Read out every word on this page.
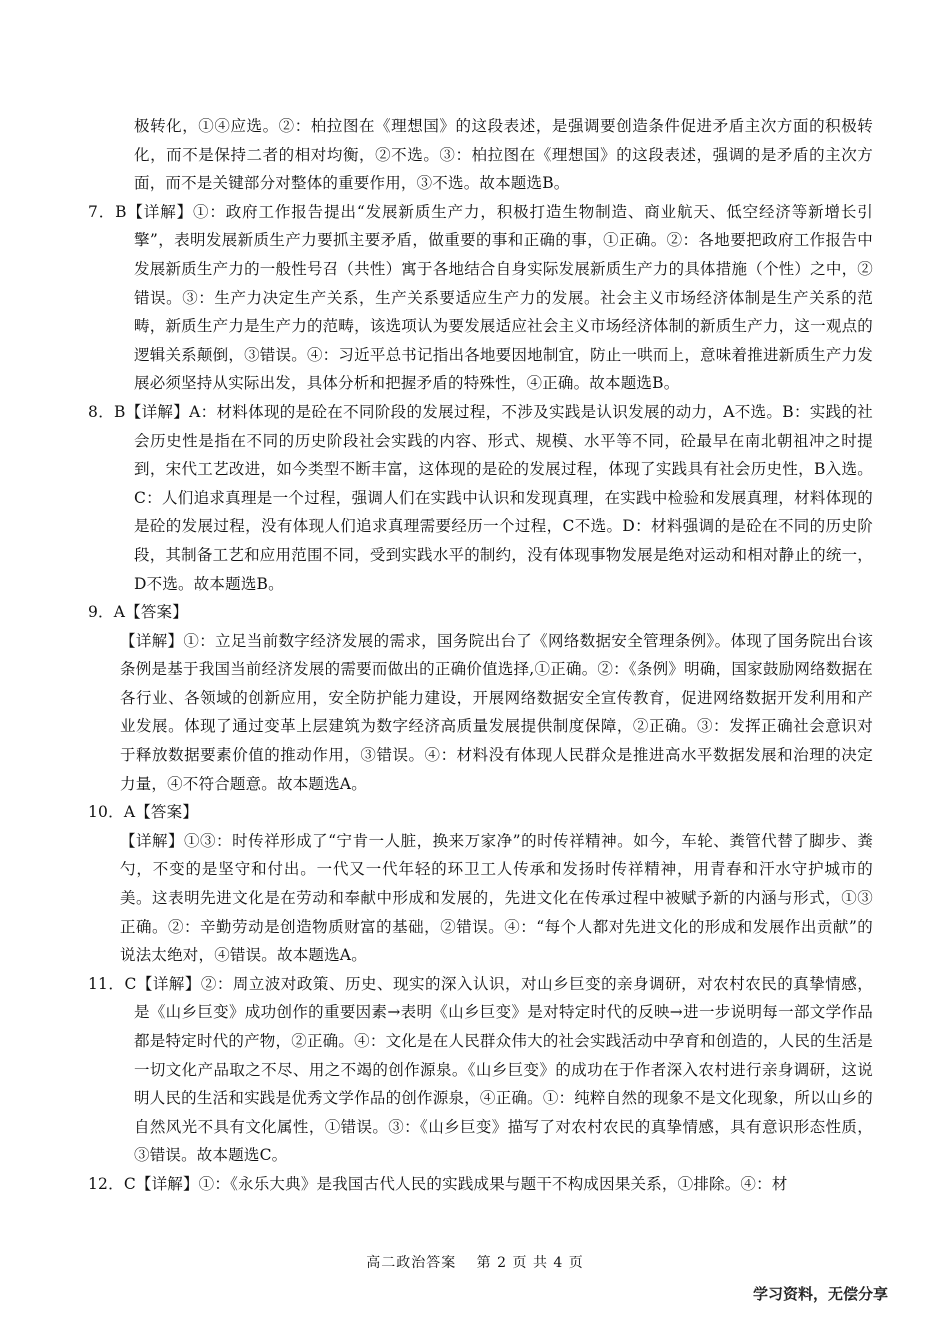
极转化，①④应选。②：柏拉图在《理想国》的这段表述，是强调要创造条件促进矛盾主次方面的积极转化，而不是保持二者的相对均衡，②不选。③：柏拉图在《理想国》的这段表述，强调的是矛盾的主次方面，而不是关键部分对整体的重要作用，③不选。故本题选B。

7．B【详解】①：政府工作报告提出“发展新质生产力，积极打造生物制造、商业航天、低空经济等新增长引擎”，表明发展新质生产力要抓主要矛盾，做重要的事和正确的事，①正确。②：各地要把政府工作报告中发展新质生产力的一般性号召（共性）寓于各地结合自身实际发展新质生产力的具体措施（个性）之中，②错误。③：生产力决定生产关系，生产关系要适应生产力的发展。社会主义市场经济体制是生产关系的范畴，新质生产力是生产力的范畴，该选项认为要发展适应社会主义市场经济体制的新质生产力，这一观点的逻辑关系颠倒，③错误。④：习近平总书记指出各地要因地制宜，防止一哄而上，意味着推进新质生产力发展必须坚持从实际出发，具体分析和把握矛盾的特殊性，④正确。故本题选B。

8．B【详解】A：材料体现的是砼在不同阶段的发展过程，不涉及实践是认识发展的动力，A不选。B：实践的社会历史性是指在不同的历史阶段社会实践的内容、形式、规模、水平等不同，砼最早在南北朝祖冲之时提到，宋代工艺改进，如今类型不断丰富，这体现的是砼的发展过程，体现了实践具有社会历史性，B入选。C：人们追求真理是一个过程，强调人们在实践中认识和发现真理，在实践中检验和发展真理，材料体现的是砼的发展过程，没有体现人们追求真理需要经历一个过程，C不选。D：材料强调的是砼在不同的历史阶段，其制备工艺和应用范围不同，受到实践水平的制约，没有体现事物发展是绝对运动和相对静止的统一，D不选。故本题选B。

9．A【答案】

【详解】①：立足当前数字经济发展的需求，国务院出台了《网络数据安全管理条例》。体现了国务院出台该条例是基于我国当前经济发展的需要而做出的正确价值选择,①正确。②：《条例》明确，国家鼓励网络数据在各行业、各领域的创新应用，安全防护能力建设，开展网络数据安全宣传教育，促进网络数据开发利用和产业发展。体现了通过变革上层建筑为数字经济高质量发展提供制度保障，②正确。③：发挥正确社会意识对于释放数据要素价值的推动作用，③错误。④：材料没有体现人民群众是推进高水平数据发展和治理的决定力量，④不符合题意。故本题选A。

10．A【答案】

【详解】①③：时传祥形成了“宁肯一人脏，换来万家净”的时传祥精神。如今，车轮、粪管代替了脚步、粪勺，不变的是坚守和付出。一代又一代年轻的环卫工人传承和发扬时传祥精神，用青春和汗水守护城市的美。这表明先进文化是在劳动和奉献中形成和发展的，先进文化在传承过程中被赋予新的内涵与形式，①③正确。②：辛勤劳动是创造物质财富的基础，②错误。④：“每个人都对先进文化的形成和发展作出贡献”的说法太绝对，④错误。故本题选A。

11．C【详解】②：周立波对政策、历史、现实的深入认识，对山乡巨变的亲身调研，对农村农民的真挚情感，是《山乡巨变》成功创作的重要因素→表明《山乡巨变》是对特定时代的反映→进一步说明每一部文学作品都是特定时代的产物，②正确。④：文化是在人民群众伟大的社会实践活动中孕育和创造的，人民的生活是一切文化产品取之不尽、用之不竭的创作源泉。《山乡巨变》的成功在于作者深入农村进行亲身调研，这说明人民的生活和实践是优秀文学作品的创作源泉，④正确。①：纯粹自然的现象不是文化现象，所以山乡的自然风光不具有文化属性，①错误。③：《山乡巨变》描写了对农村农民的真挚情感，具有意识形态性质，③错误。故本题选C。

12．C【详解】①：《永乐大典》是我国古代人民的实践成果与题干不构成因果关系，①排除。④：材

高二政治答案　 第 2 页 共 4 页
学习资料，无偿分享
